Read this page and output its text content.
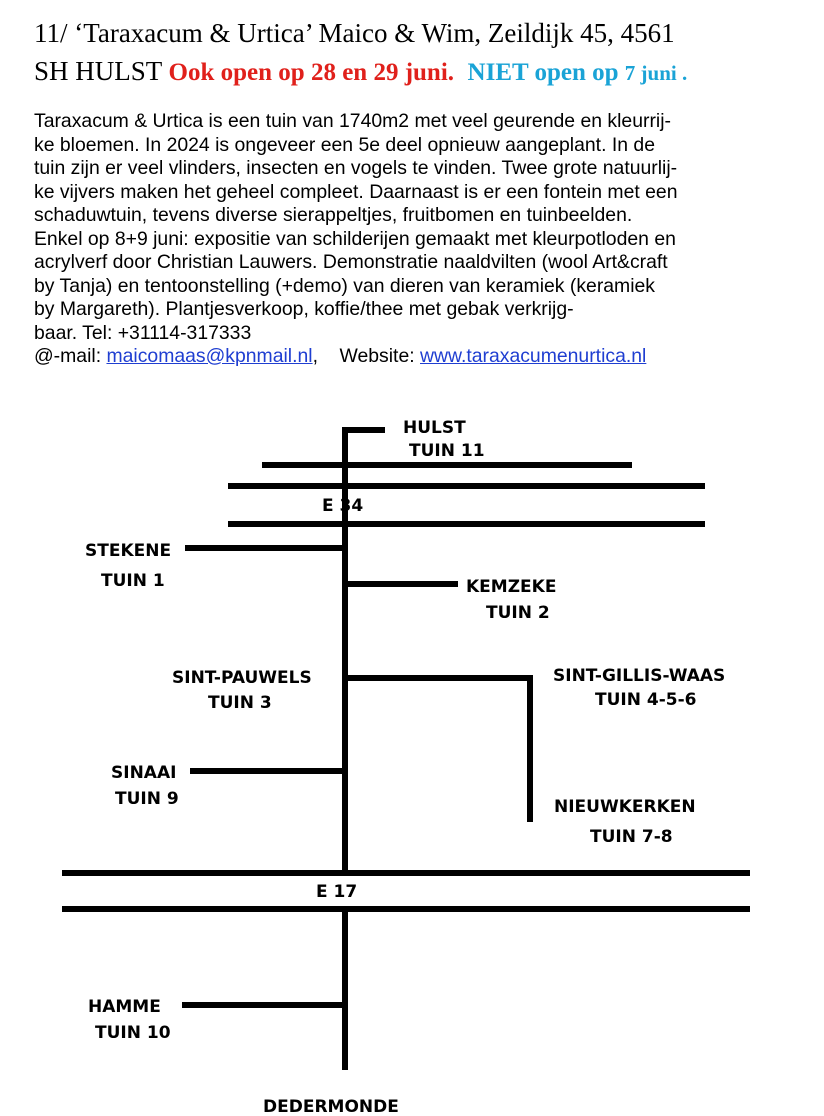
11/ ‘Taraxacum & Urtica’ Maico & Wim, Zeildijk 45, 4561
SH HULST Ook open op 28 en 29 juni. NIET open op 7 juni .

Taraxacum & Urtica is een tuin van 1740m2 met veel geurende en kleurrij-

ke bloemen. In 2024 is ongeveer een 5e deel opnieuw aangeplant. In de

tuin zijn er veel vlinders, insecten en vogels te vinden. Twee grote natuurlij-

ke vijvers maken het geheel compleet. Daarnaast is er een fontein met een

schaduwtuin, tevens diverse sierappeltjes, fruitbomen en tuinbeelden.

Enkel op 8+9 juni: expositie van schilderijen gemaakt met kleurpotloden en

acrylverf door Christian Lauwers. Demonstratie naaldvilten (wool Art&craft

by Tanja) en tentoonstelling (+demo) van dieren van keramiek (keramiek

by Margareth). Plantjesverkoop, koffie/thee met gebak verkrijg-

baar. Tel: +31114-317333

@-mail: maicomaas@kpnmail.nl,    Website: www.taraxacumenurtica.nl

HULST
TUIN 11
E 34
STEKENE
TUIN 1	KEMZEKE
TUIN 2
SINT-PAUWELS
TUIN 3
SINT-GILLIS-WAAS
TUIN 4-5-6
SINAAI
TUIN 9	NIEUWKERKEN
TUIN 7-8
E 17
HAMME
TUIN 10
DEDERMONDE
